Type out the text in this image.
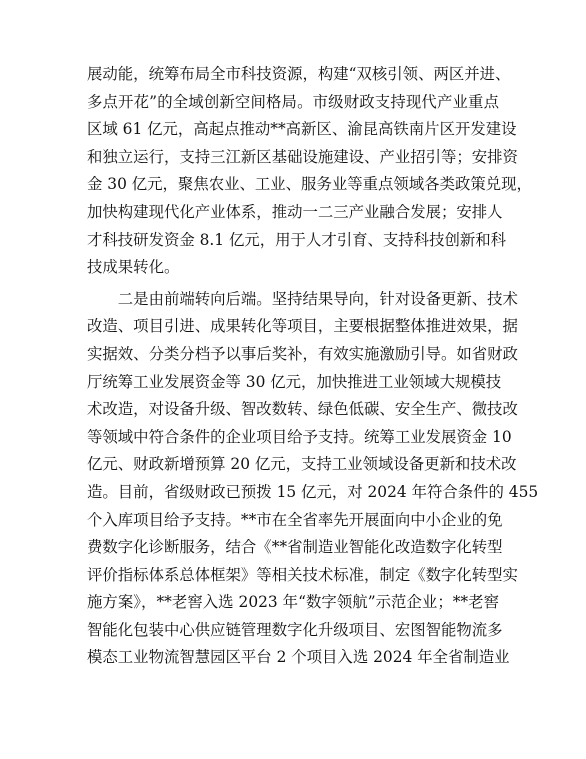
展动能，统筹布局全市科技资源，构建“双核引领、两区并进、
多点开花”的全域创新空间格局。市级财政支持现代产业重点
区域 61 亿元，高起点推动**高新区、渝昆高铁南片区开发建设
和独立运行，支持三江新区基础设施建设、产业招引等；安排资
金 30 亿元，聚焦农业、工业、服务业等重点领域各类政策兑现，
加快构建现代化产业体系，推动一二三产业融合发展；安排人
才科技研发资金 8.1 亿元，用于人才引育、支持科技创新和科
技成果转化。
　　二是由前端转向后端。坚持结果导向，针对设备更新、技术
改造、项目引进、成果转化等项目，主要根据整体推进效果，据
实据效、分类分档予以事后奖补，有效实施激励引导。如省财政
厅统筹工业发展资金等 30 亿元，加快推进工业领域大规模技
术改造，对设备升级、智改数转、绿色低碳、安全生产、微技改
等领域中符合条件的企业项目给予支持。统筹工业发展资金 10
亿元、财政新增预算 20 亿元，支持工业领域设备更新和技术改
造。目前，省级财政已预拨 15 亿元，对 2024 年符合条件的 455
个入库项目给予支持。**市在全省率先开展面向中小企业的免
费数字化诊断服务，结合《**省制造业智能化改造数字化转型
评价指标体系总体框架》等相关技术标准，制定《数字化转型实
施方案》，**老窖入选 2023 年“数字领航”示范企业；**老窖
智能化包装中心供应链管理数字化升级项目、宏图智能物流多
模态工业物流智慧园区平台 2 个项目入选 2024 年全省制造业
